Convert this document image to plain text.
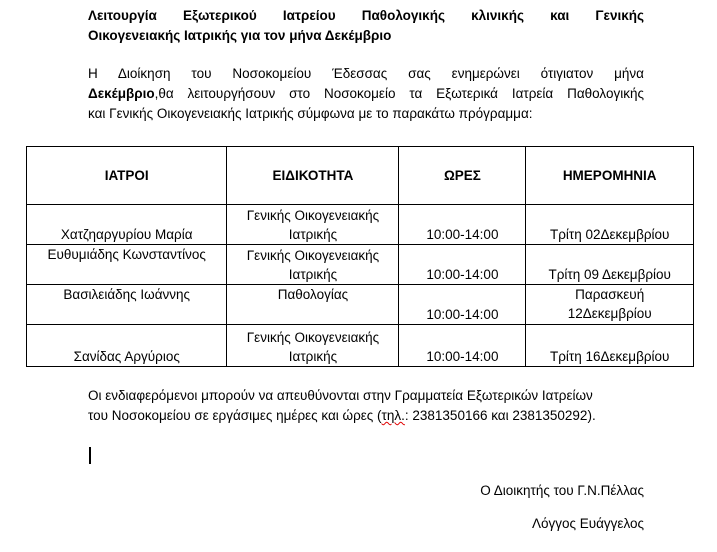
Λειτουργία Εξωτερικού Ιατρείου Παθολογικής κλινικής και Γενικής
Οικογενειακής Ιατρικής για τον μήνα Δεκέμβριο
Η Διοίκηση του Νοσοκομείου Έδεσσας σας ενημερώνει ότιγιατον μήνα
Δεκέμβριο,θα λειτουργήσουν στο Νοσοκομείο τα Εξωτερικά Ιατρεία Παθολογικής
και Γενικής Οικογενειακής Ιατρικής σύμφωνα με το παρακάτω πρόγραμμα:
ΙΑΤΡΟΙ	ΕΙΔΙΚΟΤΗΤΑ	ΩΡΕΣ	ΗΜΕΡΟΜΗΝΙΑ
Χατζηαργυρίου Μαρία	Γενικής Οικογενειακής
Ιατρικής	10:00-14:00	Τρίτη 02Δεκεμβρίου
Ευθυμιάδης Κωνσταντίνος	Γενικής Οικογενειακής
Ιατρικής	10:00-14:00	Τρίτη 09 Δεκεμβρίου
Βασιλειάδης Ιωάννης	Παθολογίας	10:00-14:00	Παρασκευή
12Δεκεμβρίου

Σανίδας Αργύριος	Γενικής Οικογενειακής
Ιατρικής	10:00-14:00	Τρίτη 16Δεκεμβρίου
Οι ενδιαφερόμενοι μπορούν να απευθύνονται στην Γραμματεία Εξωτερικών Ιατρείων
του Νοσοκομείου σε εργάσιμες ημέρες και ώρες (τηλ.: 2381350166 και 2381350292).
Ο Διοικητής του Γ.Ν.Πέλλας
Λόγγος Ευάγγελος
